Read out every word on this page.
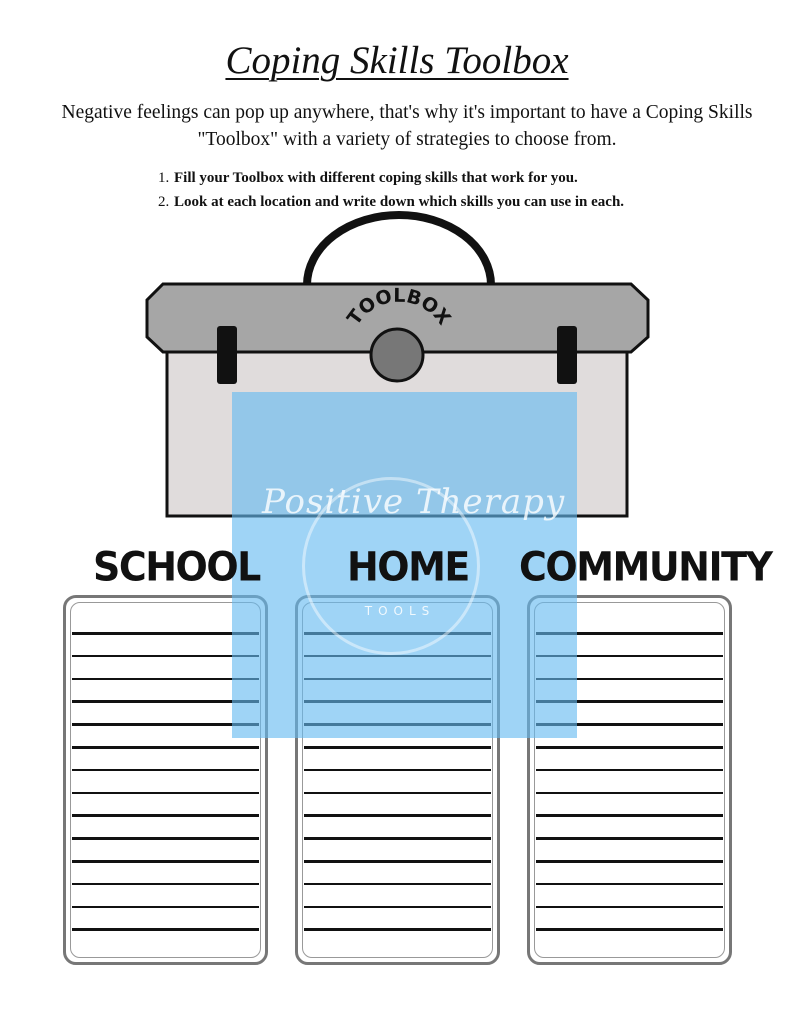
Coping Skills Toolbox
Negative feelings can pop up anywhere, that's why it's important to have a Coping Skills "Toolbox" with a variety of strategies to choose from.
1. Fill your Toolbox with different coping skills that work for you.
2. Look at each location and write down which skills you can use in each.
TOOLBOX
SCHOOL HOME COMMUNITY
Positive Therapy
TOOLS
